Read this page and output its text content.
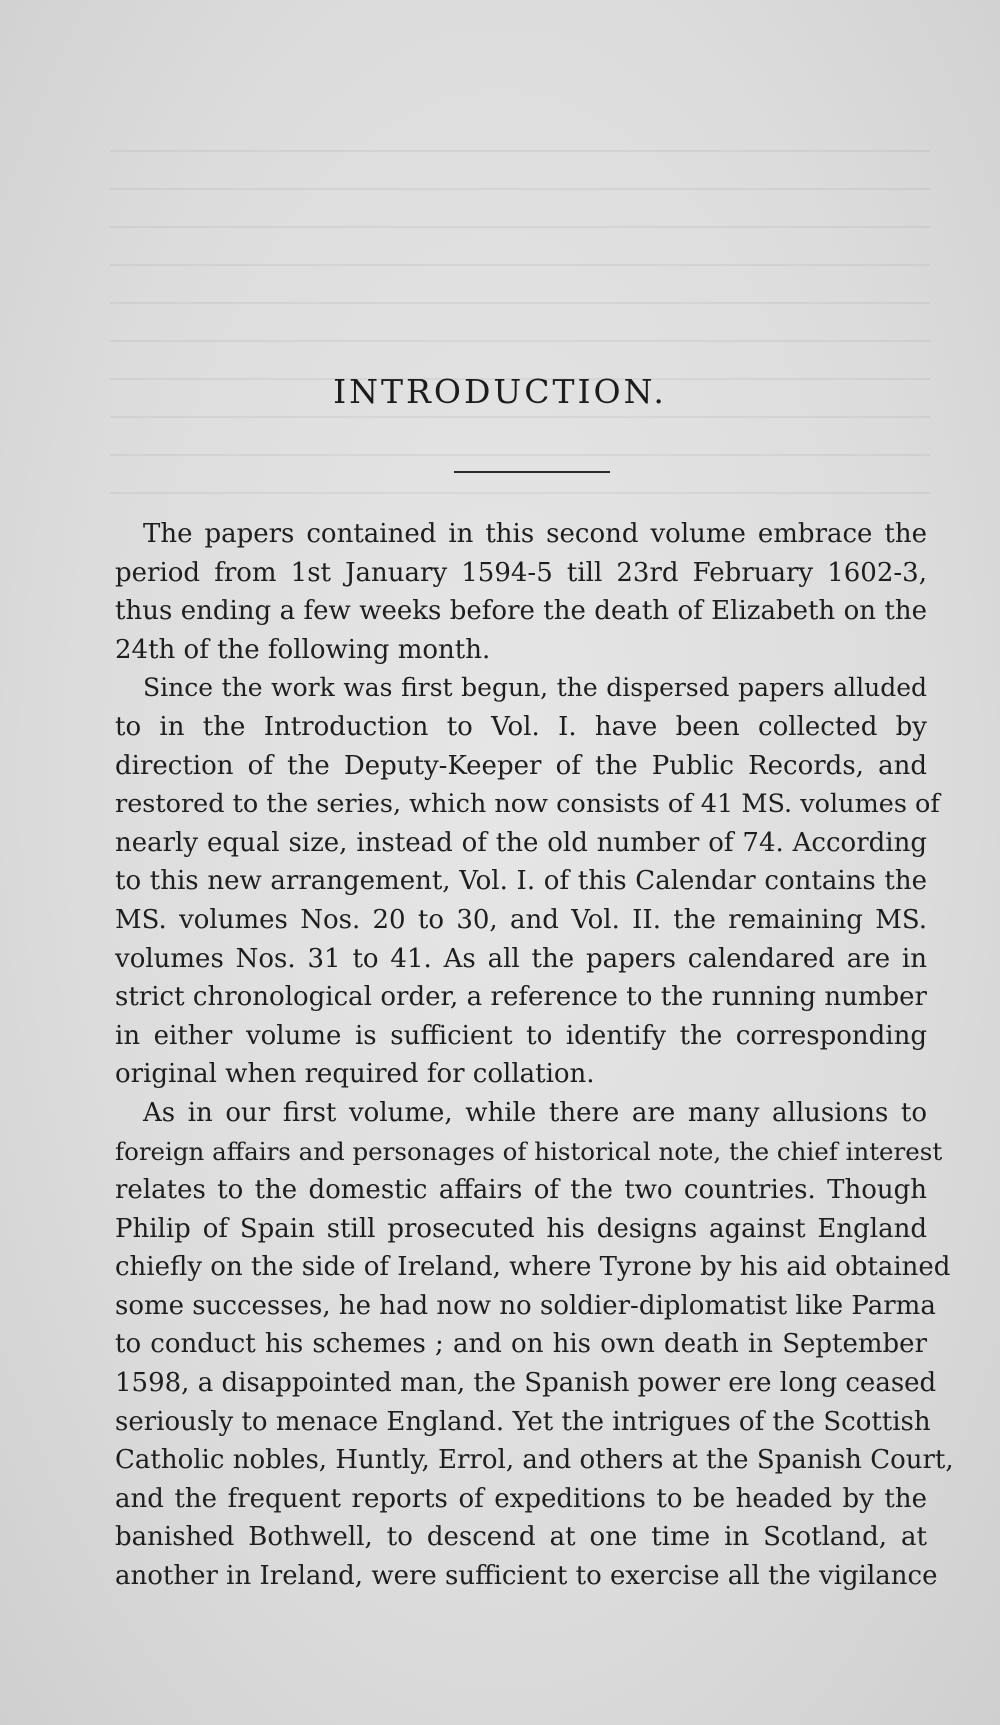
INTRODUCTION.
The papers contained in this second volume embrace the
period from 1st January 1594-5 till 23rd February 1602-3,
thus ending a few weeks before the death of Elizabeth on the
24th of the following month.
Since the work was first begun, the dispersed papers alluded
to in the Introduction to Vol. I. have been collected by
direction of the Deputy-Keeper of the Public Records, and
restored to the series, which now consists of 41 MS. volumes of
nearly equal size, instead of the old number of 74. According
to this new arrangement, Vol. I. of this Calendar contains the
MS. volumes Nos. 20 to 30, and Vol. II. the remaining MS.
volumes Nos. 31 to 41. As all the papers calendared are in
strict chronological order, a reference to the running number
in either volume is sufficient to identify the corresponding
original when required for collation.
As in our first volume, while there are many allusions to
foreign affairs and personages of historical note, the chief interest
relates to the domestic affairs of the two countries. Though
Philip of Spain still prosecuted his designs against England
chiefly on the side of Ireland, where Tyrone by his aid obtained
some successes, he had now no soldier-diplomatist like Parma
to conduct his schemes ; and on his own death in September
1598, a disappointed man, the Spanish power ere long ceased
seriously to menace England. Yet the intrigues of the Scottish
Catholic nobles, Huntly, Errol, and others at the Spanish Court,
and the frequent reports of expeditions to be headed by the
banished Bothwell, to descend at one time in Scotland, at
another in Ireland, were sufficient to exercise all the vigilance
